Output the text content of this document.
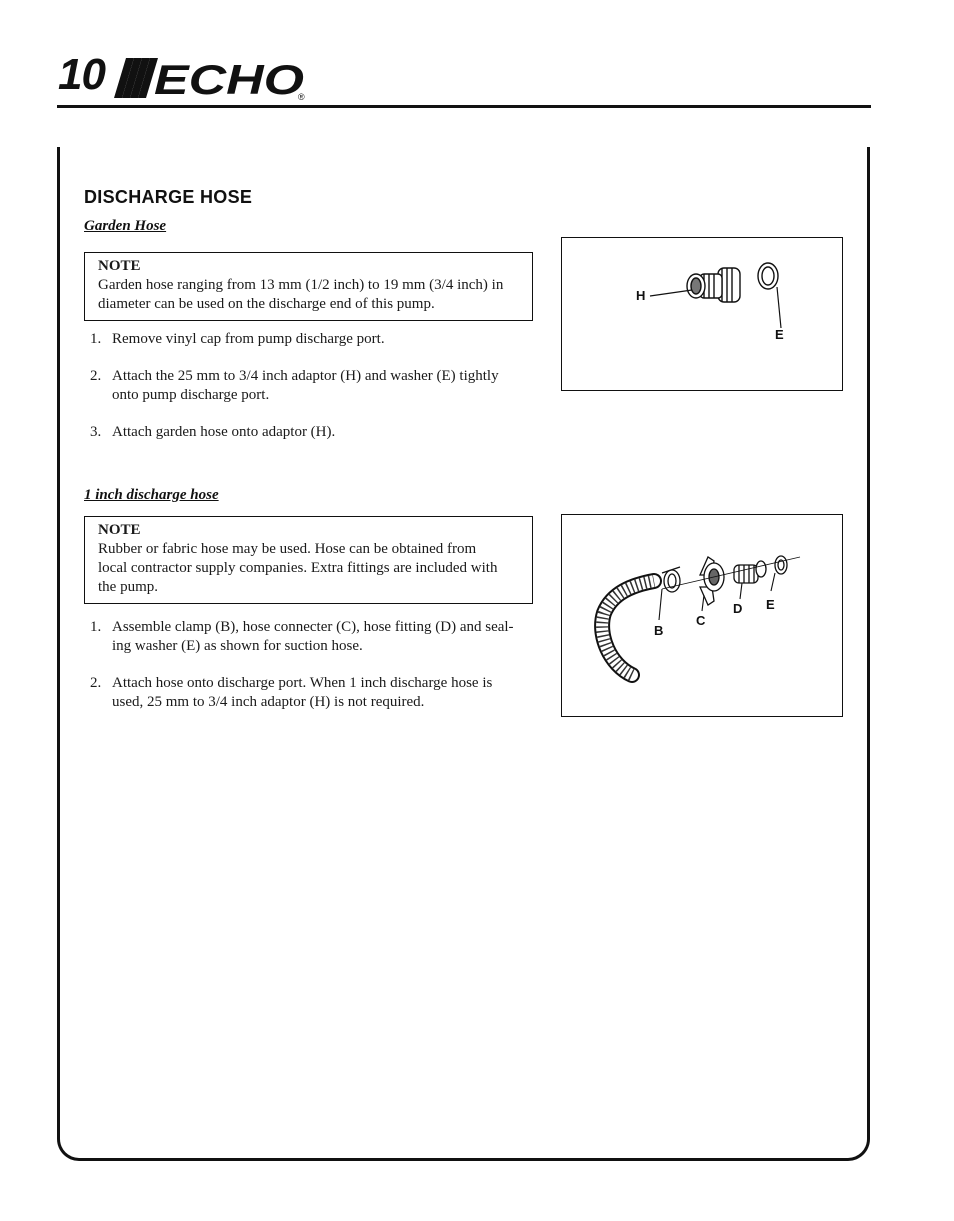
10 ECHO
®
DISCHARGE HOSE
Garden Hose
NOTE
Garden hose ranging from 13 mm (1/2 inch) to 19 mm (3/4 inch) in
diameter can be used on the discharge end of this pump.
1. Remove vinyl cap from pump discharge port.
2. Attach the 25 mm to 3/4 inch adaptor (H) and washer (E) tightly
onto pump discharge port.
3. Attach garden hose onto adaptor (H).
H
E
1 inch discharge hose
NOTE
Rubber or fabric hose may be used. Hose can be obtained from
local contractor supply companies. Extra fittings are included with
the pump.
1. Assemble clamp (B), hose connecter (C), hose fitting (D) and seal-
ing washer (E) as shown for suction hose.
2. Attach hose onto discharge port. When 1 inch discharge hose is
used, 25 mm to 3/4 inch adaptor (H) is not required.
B
C
D E
